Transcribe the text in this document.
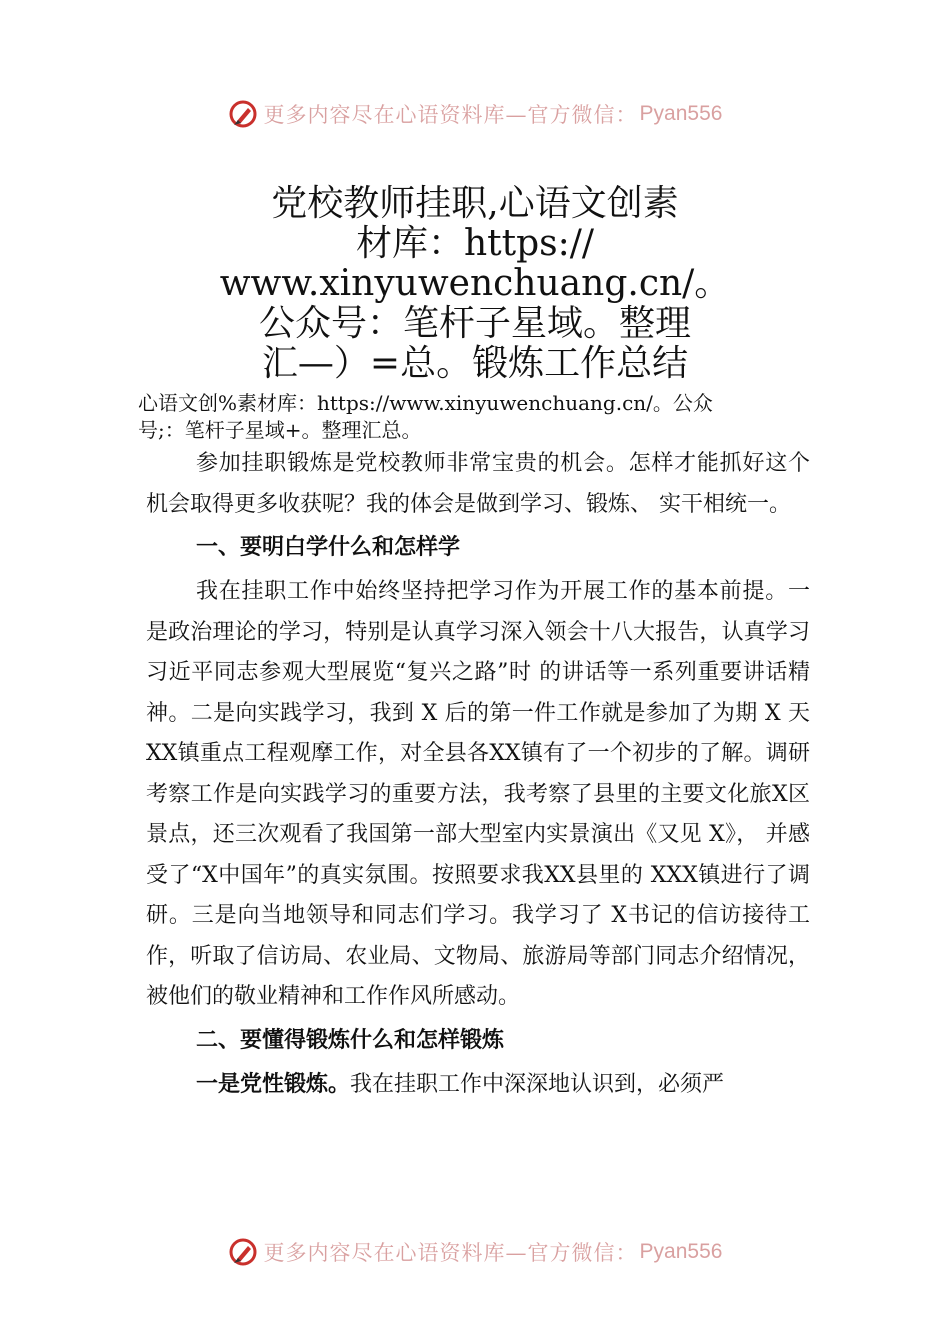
更多内容尽在心语资料库—官方微信： Pyan556
党校教师挂职,心语文创素
材库：https://
www.xinyuwenchuang.cn/。
公众号：笔杆子星域。整理
汇—）=总。锻炼工作总结
心语文创%素材库：https://www.xinyuwenchuang.cn/。公众
号;：笔杆子星域+。整理汇总。

参加挂职锻炼是党校教师非常宝贵的机会。怎样才能抓好这个机会取得更多收获呢？我的体会是做到学习、锻炼、 实干相统一。

一、要明白学什么和怎样学

我在挂职工作中始终坚持把学习作为开展工作的基本前提。一是政治理论的学习，特别是认真学习深入领会十八大报告，认真学习习近平同志参观大型展览“复兴之路”时 的讲话等一系列重要讲话精神。二是向实践学习，我到 X 后的第一件工作就是参加了为期 X 天XX镇重点工程观摩工作，对全县各XX镇有了一个初步的了解。调研考察工作是向实践学习的重要方法，我考察了县里的主要文化旅X区景点，还三次观看了我国第一部大型室内实景演出《又见 X》， 并感受了“X中国年”的真实氛围。按照要求我XX县里的 XXX镇进行了调研。三是向当地领导和同志们学习。我学习了 X书记的信访接待工作，听取了信访局、农业局、文物局、旅游局等部门同志介绍情况，被他们的敬业精神和工作作风所感动。

二、要懂得锻炼什么和怎样锻炼

一是党性锻炼。我在挂职工作中深深地认识到，必须严

更多内容尽在心语资料库—官方微信： Pyan556
